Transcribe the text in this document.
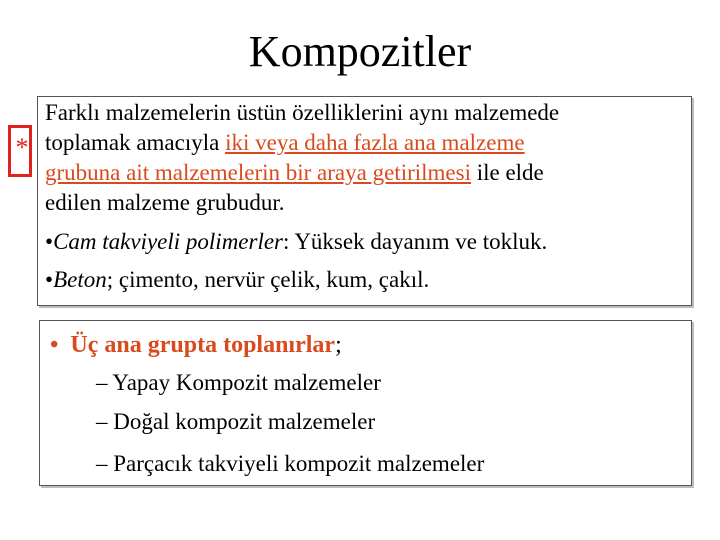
Kompozitler
*
Farklı malzemelerin üstün özelliklerini aynı malzemede
toplamak amacıyla iki veya daha fazla ana malzeme
grubuna ait malzemelerin bir araya getirilmesi ile elde
edilen malzeme grubudur.
•Cam takviyeli polimerler: Yüksek dayanım ve tokluk.
•Beton; çimento, nervür çelik, kum, çakıl.
• Üç ana grupta toplanırlar;
– Yapay Kompozit malzemeler
– Doğal kompozit malzemeler
– Parçacık takviyeli kompozit malzemeler
